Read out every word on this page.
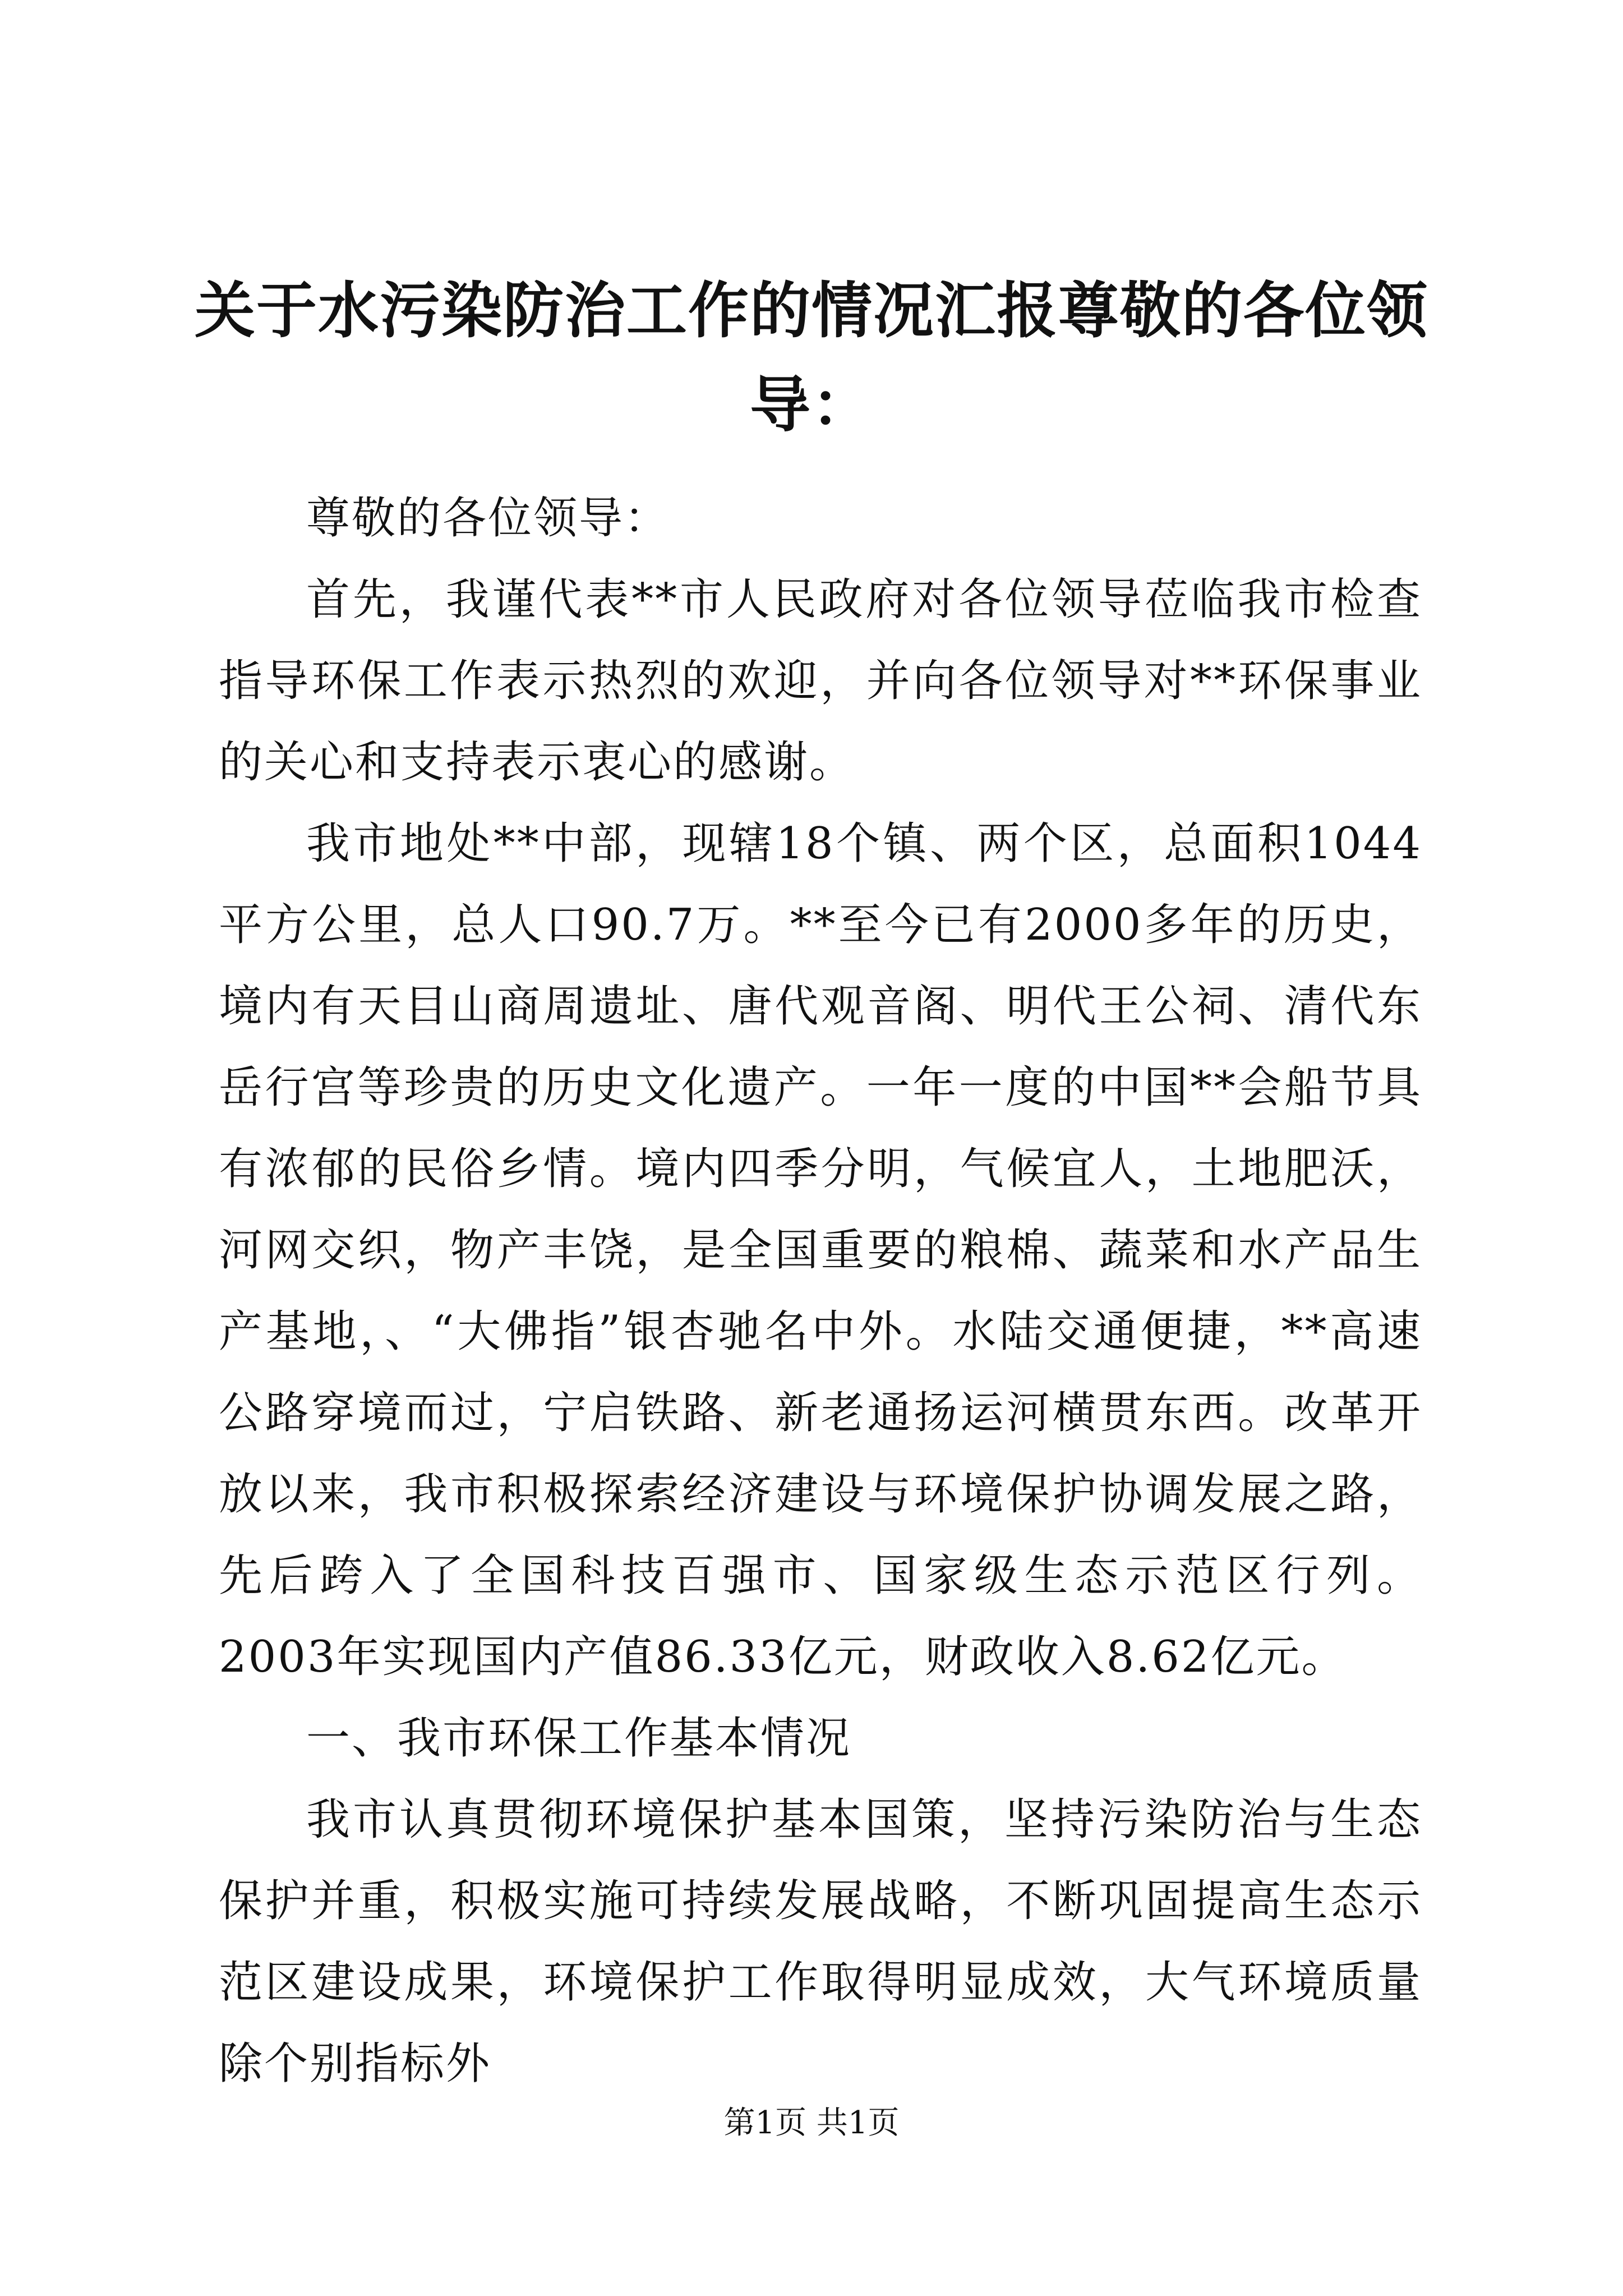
关于水污染防治工作的情况汇报尊敬的各位领导：

尊敬的各位领导：

首先，我谨代表**市人民政府对各位领导莅临我市检查指导环保工作表示热烈的欢迎，并向各位领导对**环保事业的关心和支持表示衷心的感谢。

我市地处**中部，现辖18个镇、两个区，总面积1044平方公里，总人口90.7万。**至今已有2000多年的历史，境内有天目山商周遗址、唐代观音阁、明代王公祠、清代东岳行宫等珍贵的历史文化遗产。一年一度的中国**会船节具有浓郁的民俗乡情。境内四季分明，气候宜人，土地肥沃，河网交织，物产丰饶，是全国重要的粮棉、蔬菜和水产品生产基地，、“大佛指”银杏驰名中外。水陆交通便捷，**高速公路穿境而过，宁启铁路、新老通扬运河横贯东西。改革开放以来，我市积极探索经济建设与环境保护协调发展之路，先后跨入了全国科技百强市、国家级生态示范区行列。2003年实现国内产值86.33亿元，财政收入8.62亿元。

一、我市环保工作基本情况

我市认真贯彻环境保护基本国策，坚持污染防治与生态保护并重，积极实施可持续发展战略，不断巩固提高生态示范区建设成果，环境保护工作取得明显成效，大气环境质量除个别指标外

第1页 共1页
